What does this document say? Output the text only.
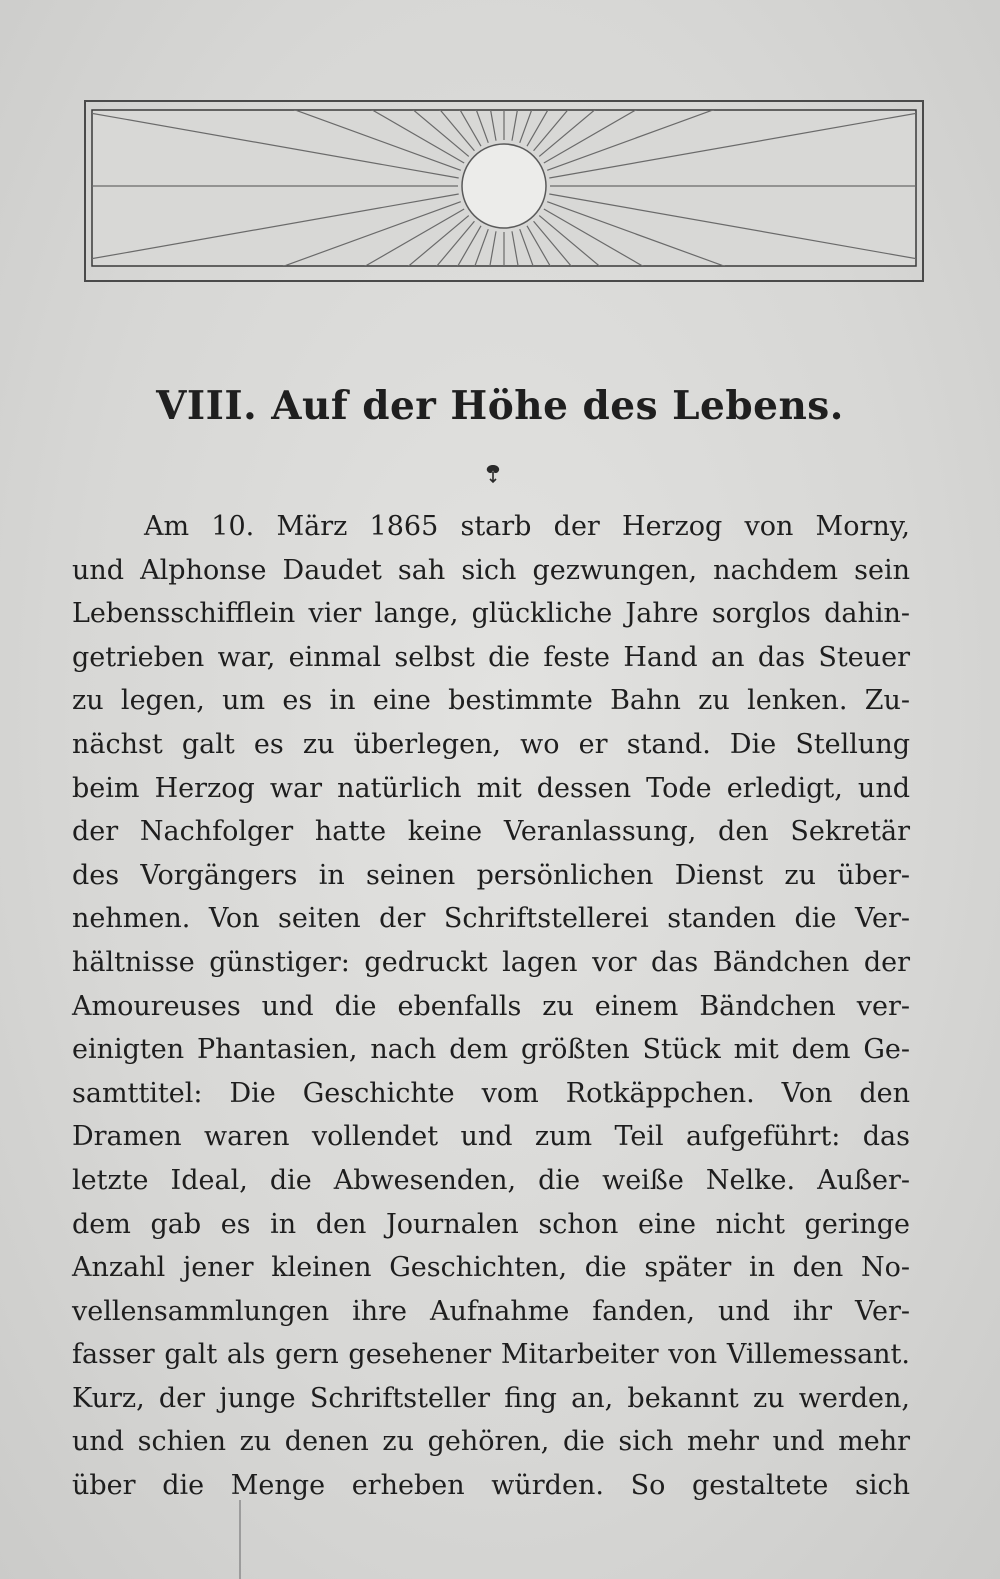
VIII. Auf der Höhe des Lebens.
Am 10. März 1865 starb der Herzog von Morny,
und Alphonse Daudet sah sich gezwungen, nachdem sein
Lebensschifflein vier lange, glückliche Jahre sorglos dahin-
getrieben war, einmal selbst die feste Hand an das Steuer
zu legen, um es in eine bestimmte Bahn zu lenken. Zu-
nächst galt es zu überlegen, wo er stand. Die Stellung
beim Herzog war natürlich mit dessen Tode erledigt, und
der Nachfolger hatte keine Veranlassung, den Sekretär
des Vorgängers in seinen persönlichen Dienst zu über-
nehmen. Von seiten der Schriftstellerei standen die Ver-
hältnisse günstiger: gedruckt lagen vor das Bändchen der
Amoureuses und die ebenfalls zu einem Bändchen ver-
einigten Phantasien, nach dem größten Stück mit dem Ge-
samttitel: Die Geschichte vom Rotkäppchen. Von den
Dramen waren vollendet und zum Teil aufgeführt: das
letzte Ideal, die Abwesenden, die weiße Nelke. Außer-
dem gab es in den Journalen schon eine nicht geringe
Anzahl jener kleinen Geschichten, die später in den No-
vellensammlungen ihre Aufnahme fanden, und ihr Ver-
fasser galt als gern gesehener Mitarbeiter von Villemessant.
Kurz, der junge Schriftsteller fing an, bekannt zu werden,
und schien zu denen zu gehören, die sich mehr und mehr
über die Menge erheben würden. So gestaltete sich
